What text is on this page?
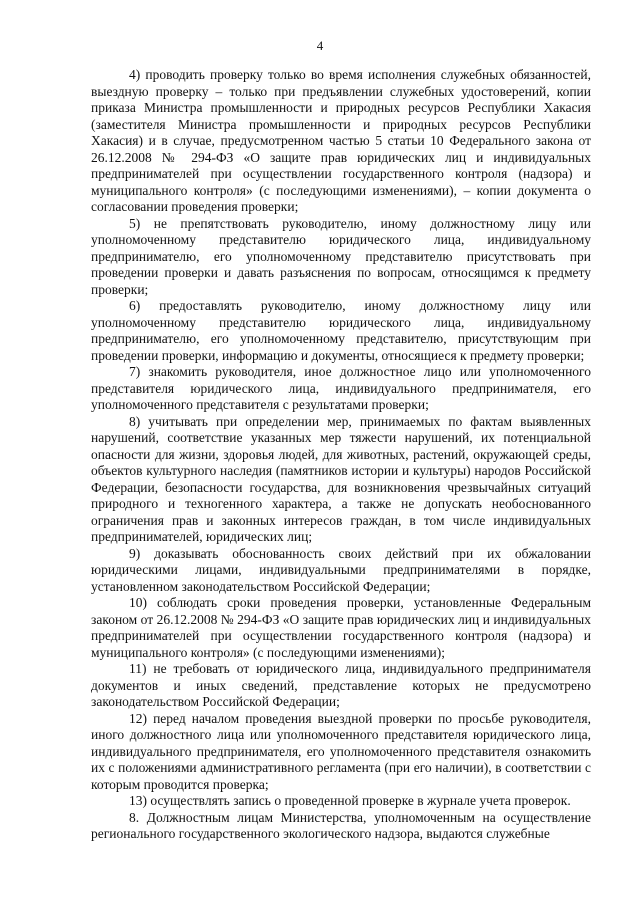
4

4) проводить проверку только во время исполнения служебных обязанностей, выездную проверку – только при предъявлении служебных удостоверений, копии приказа Министра промышленности и природных ресурсов Республики Хакасия (заместителя Министра промышленности и природных ресурсов Республики Хакасия) и в случае, предусмотренном частью 5 статьи 10 Федерального закона от 26.12.2008 № 294-ФЗ «О защите прав юридических лиц и индивидуальных предпринимателей при осуществлении государственного контроля (надзора) и муниципального контроля» (с последующими изменениями), – копии документа о согласовании проведения проверки;

5) не препятствовать руководителю, иному должностному лицу или уполномоченному представителю юридического лица, индивидуальному предпринимателю, его уполномоченному представителю присутствовать при проведении проверки и давать разъяснения по вопросам, относящимся к предмету проверки;

6) предоставлять руководителю, иному должностному лицу или уполномоченному представителю юридического лица, индивидуальному предпринимателю, его уполномоченному представителю, присутствующим при проведении проверки, информацию и документы, относящиеся к предмету проверки;

7) знакомить руководителя, иное должностное лицо или уполномоченного представителя юридического лица, индивидуального предпринимателя, его уполномоченного представителя с результатами проверки;

8) учитывать при определении мер, принимаемых по фактам выявленных нарушений, соответствие указанных мер тяжести нарушений, их потенциальной опасности для жизни, здоровья людей, для животных, растений, окружающей среды, объектов культурного наследия (памятников истории и культуры) народов Российской Федерации, безопасности государства, для возникновения чрезвычайных ситуаций природного и техногенного характера, а также не допускать необоснованного ограничения прав и законных интересов граждан, в том числе индивидуальных предпринимателей, юридических лиц;

9) доказывать обоснованность своих действий при их обжаловании юридическими лицами, индивидуальными предпринимателями в порядке, установленном законодательством Российской Федерации;

10) соблюдать сроки проведения проверки, установленные Федеральным законом от 26.12.2008 № 294-ФЗ «О защите прав юридических лиц и индивидуальных предпринимателей при осуществлении государственного контроля (надзора) и муниципального контроля» (с последующими изменениями);

11) не требовать от юридического лица, индивидуального предпринимателя документов и иных сведений, представление которых не предусмотрено законодательством Российской Федерации;

12) перед началом проведения выездной проверки по просьбе руководителя, иного должностного лица или уполномоченного представителя юридического лица, индивидуального предпринимателя, его уполномоченного представителя ознакомить их с положениями административного регламента (при его наличии), в соответствии с которым проводится проверка;

13) осуществлять запись о проведенной проверке в журнале учета проверок.

8. Должностным лицам Министерства, уполномоченным на осуществление регионального государственного экологического надзора, выдаются служебные
